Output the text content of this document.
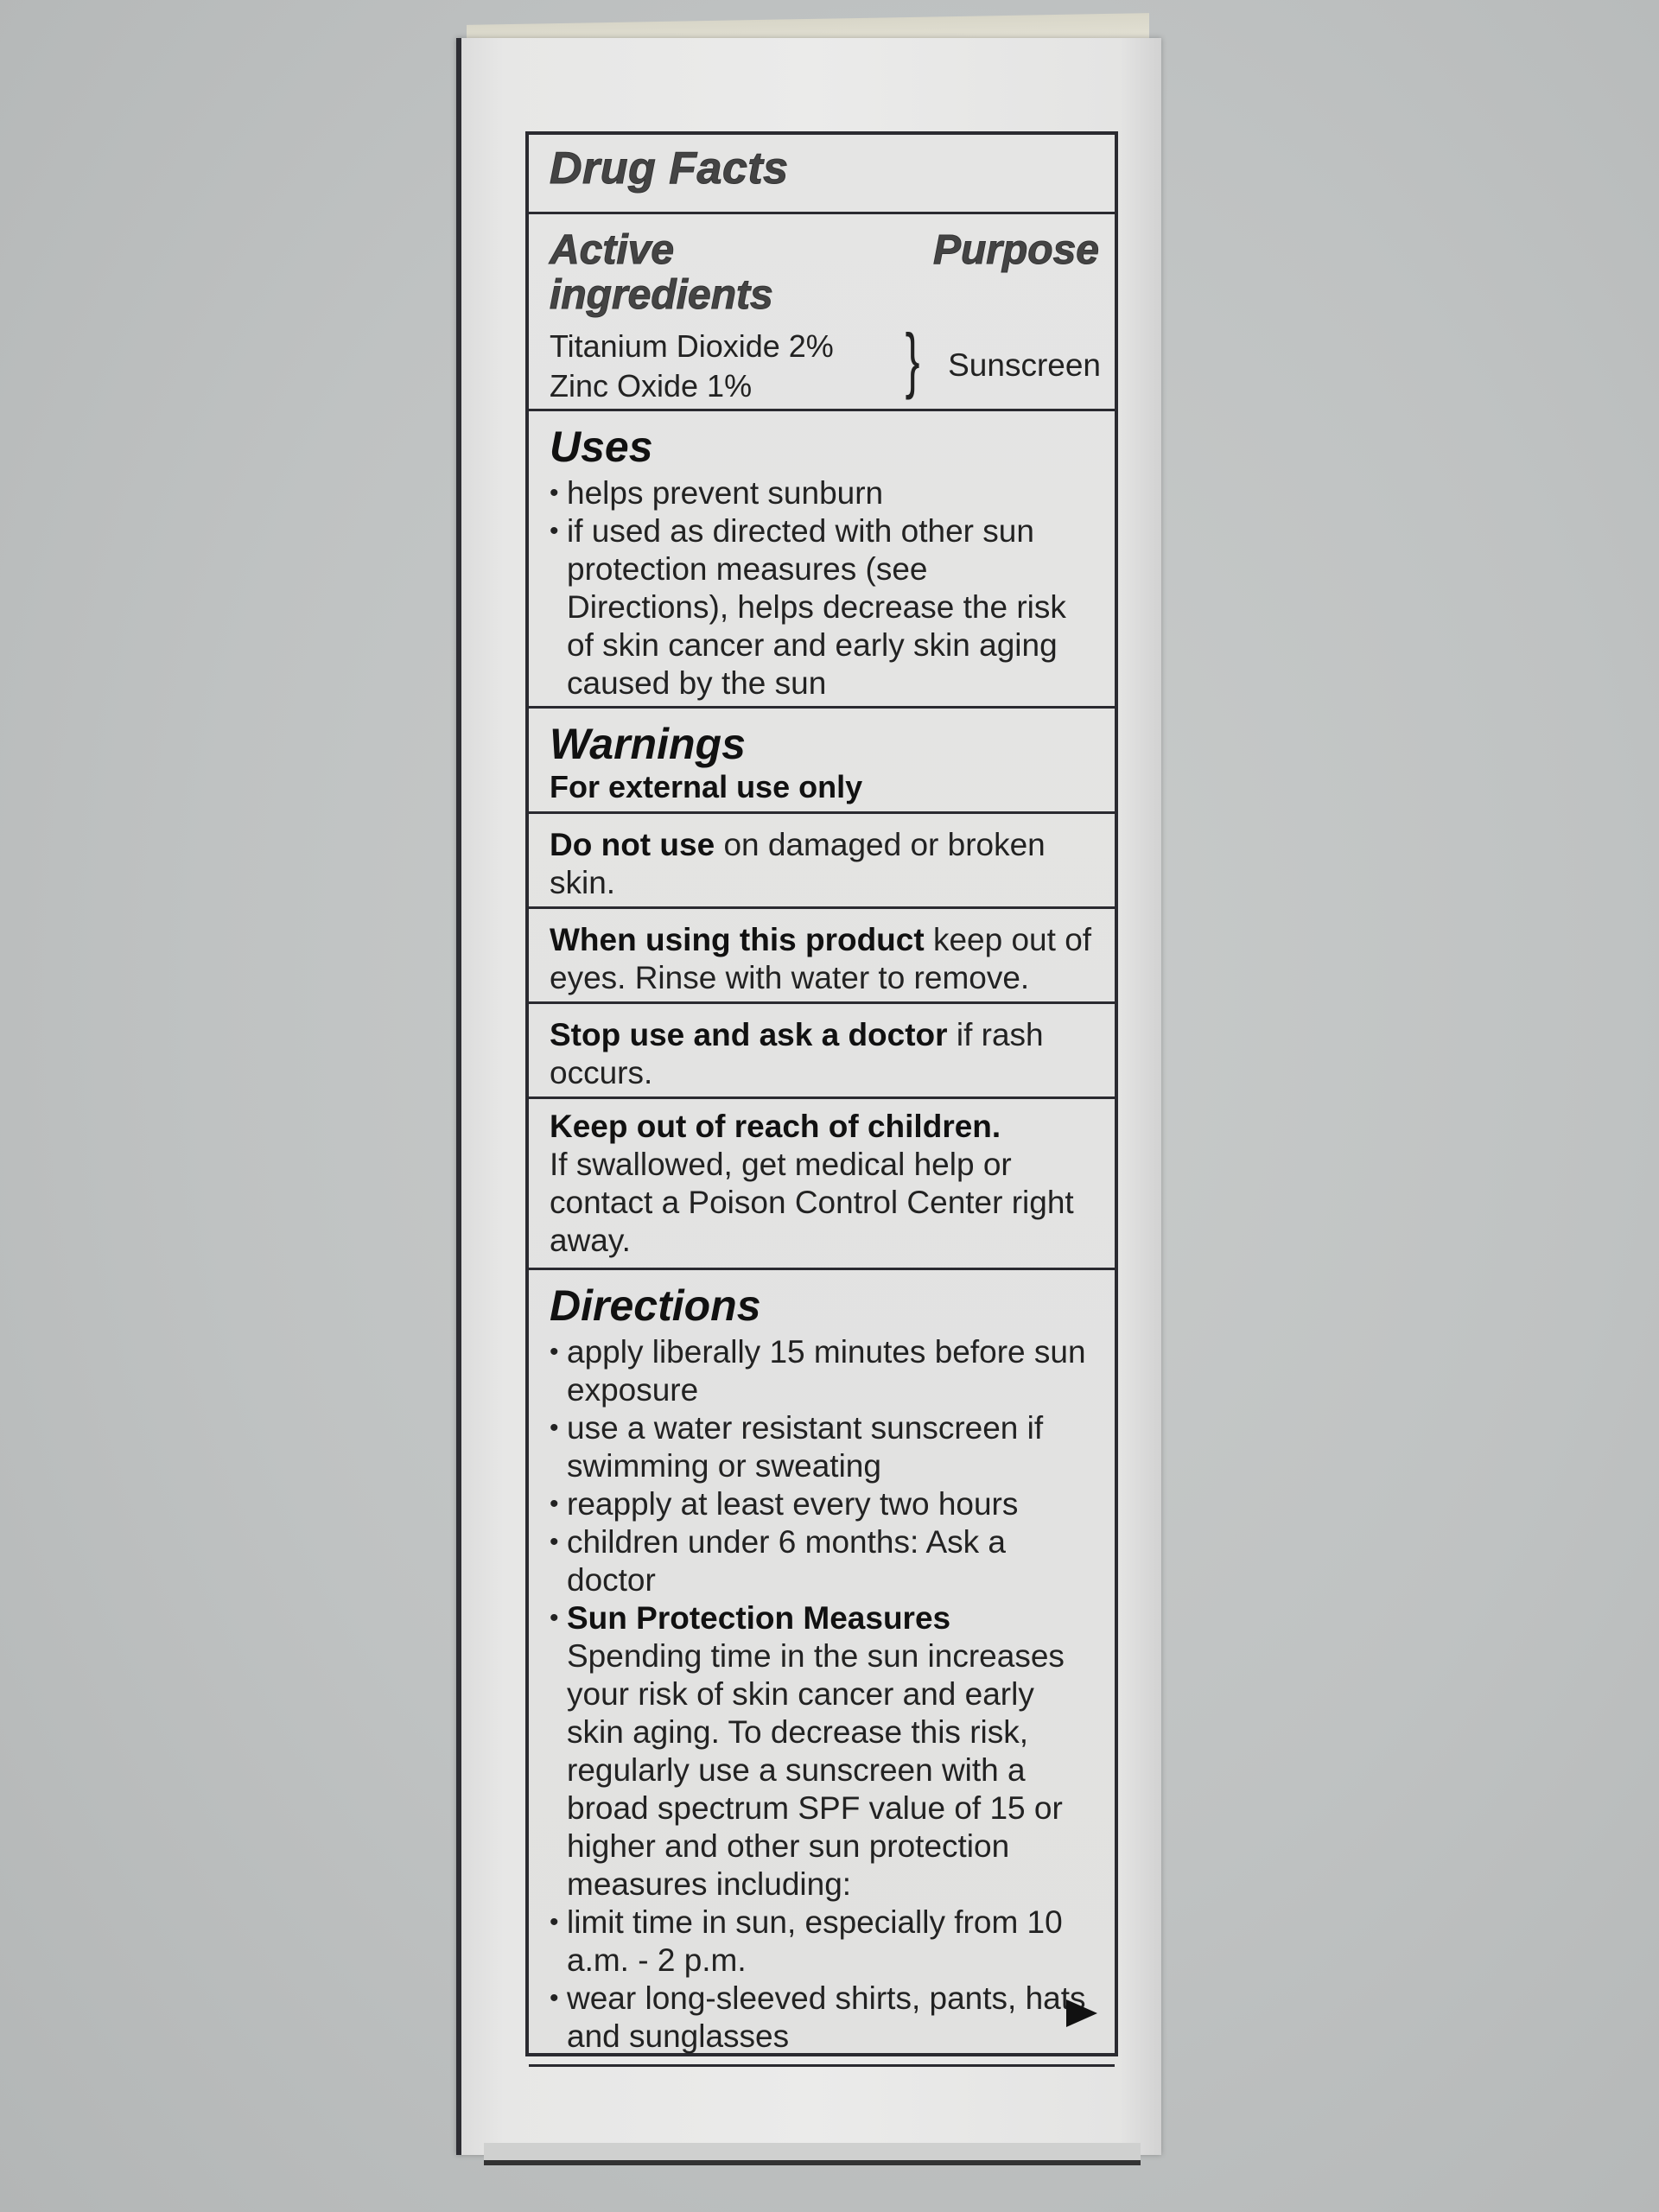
Drug Facts
Active
ingredients
Purpose
Titanium Dioxide 2%
Zinc Oxide 1%	} Sunscreen
Uses
• helps prevent sunburn
• if used as directed with other sun protection measures (see Directions), helps decrease the risk of skin cancer and early skin aging caused by the sun
Warnings
For external use only
Do not use on damaged or broken skin.
When using this product keep out of eyes. Rinse with water to remove.
Stop use and ask a doctor if rash occurs.
Keep out of reach of children.
If swallowed, get medical help or contact a Poison Control Center right away.
Directions
• apply liberally 15 minutes before sun exposure
• use a water resistant sunscreen if swimming or sweating
• reapply at least every two hours
• children under 6 months: Ask a doctor
• Sun Protection Measures
Spending time in the sun increases your risk of skin cancer and early skin aging. To decrease this risk, regularly use a sunscreen with a broad spectrum SPF value of 15 or higher and other sun protection measures including:
• limit time in sun, especially from 10 a.m. - 2 p.m.
• wear long-sleeved shirts, pants, hats and sunglasses
